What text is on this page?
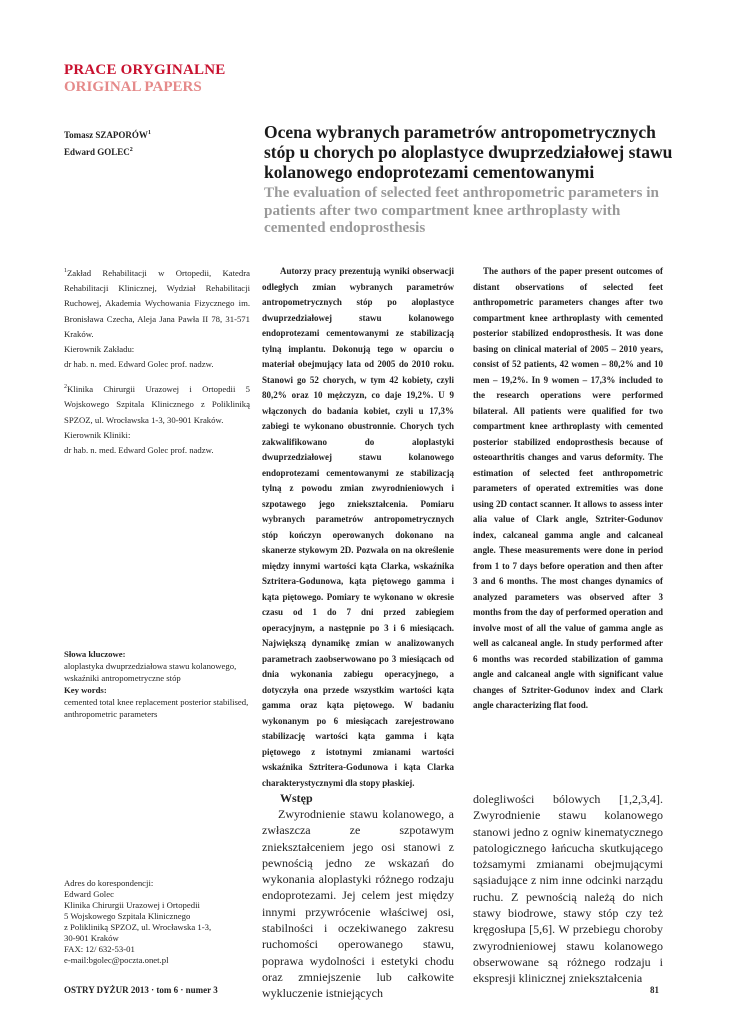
PRACE ORYGINALNE
ORIGINAL PAPERS
Tomasz SZAPORÓW$^1$
Edward GOLEC$^2$
Ocena wybranych parametrów antropometrycznych stóp u chorych po aloplastyce dwuprzedziałowej stawu kolanowego endoprotezami cementowanymi
The evaluation of selected feet anthropometric parameters in patients after two compartment knee arthroplasty with cemented endoprosthesis

$^1$Zakład Rehabilitacji w Ortopedii, Katedra Rehabilitacji Klinicznej, Wydział Rehabilitacji Ruchowej, Akademia Wychowania Fizycznego im. Bronisława Czecha, Aleja Jana Pawła II 78, 31-571 Kraków.
Kierownik Zakładu:
dr hab. n. med. Edward Golec prof. nadzw.

$^2$Klinika Chirurgii Urazowej i Ortopedii 5 Wojskowego Szpitala Klinicznego z Polikliniką SPZOZ, ul. Wrocławska 1-3, 30-901 Kraków.
Kierownik Kliniki:
dr hab. n. med. Edward Golec prof. nadzw.

Słowa kluczowe:
aloplastyka dwuprzedziałowa stawu kolanowego, wskaźniki antropometryczne stóp
Key words:
cemented total knee replacement posterior stabilised, anthropometric parameters
Adres do korespondencji:
Edward Golec
Klinika Chirurgii Urazowej i Ortopedii
5 Wojskowego Szpitala Klinicznego
z Polikliniką SPZOZ, ul. Wrocławska 1-3,
30-901 Kraków
FAX: 12/ 632-53-01
e-mail:bgolec@poczta.onet.pl
Autorzy pracy prezentują wyniki obserwacji odległych zmian wybranych parametrów antropometrycznych stóp po aloplastyce dwuprzedziałowej stawu kolanowego endoprotezami cementowanymi ze stabilizacją tylną implantu. Dokonują tego w oparciu o materiał obejmujący lata od 2005 do 2010 roku. Stanowi go 52 chorych, w tym 42 kobiety, czyli 80,2% oraz 10 mężczyzn, co daje 19,2%. U 9 włączonych do badania kobiet, czyli u 17,3% zabiegi te wykonano obustronnie. Chorych tych zakwalifikowano do aloplastyki dwuprzedziałowej stawu kolanowego endoprotezami cementowanymi ze stabilizacją tylną z powodu zmian zwyrodnieniowych i szpotawego jego zniekształcenia. Pomiaru wybranych parametrów antropometrycznych stóp kończyn operowanych dokonano na skanerze stykowym 2D. Pozwala on na określenie między innymi wartości kąta Clarka, wskaźnika Sztritera-Godunowa, kąta piętowego gamma i kąta piętowego. Pomiary te wykonano w okresie czasu od 1 do 7 dni przed zabiegiem operacyjnym, a następnie po 3 i 6 miesiącach. Największą dynamikę zmian w analizowanych parametrach zaobserwowano po 3 miesiącach od dnia wykonania zabiegu operacyjnego, a dotyczyła ona przede wszystkim wartości kąta gamma oraz kąta piętowego. W badaniu wykonanym po 6 miesiącach zarejestrowano stabilizację wartości kąta gamma i kąta piętowego z istotnymi zmianami wartości wskaźnika Sztritera-Godunowa i kąta Clarka charakterystycznymi dla stopy płaskiej.
The authors of the paper present outcomes of distant observations of selected feet anthropometric parameters changes after two compartment knee arthroplasty with cemented posterior stabilized endoprosthesis. It was done basing on clinical material of 2005 – 2010 years, consist of 52 patients, 42 women – 80,2% and 10 men – 19,2%. In 9 women – 17,3% included to the research operations were performed bilateral. All patients were qualified for two compartment knee arthroplasty with cemented posterior stabilized endoprosthesis because of osteoarthritis changes and varus deformity. The estimation of selected feet anthropometric parameters of operated extremities was done using 2D contact scanner. It allows to assess inter alia value of Clark angle, Sztriter-Godunov index, calcaneal gamma angle and calcaneal angle. These measurements were done in period from 1 to 7 days before operation and then after 3 and 6 months. The most changes dynamics of analyzed parameters was observed after 3 months from the day of performed operation and involve most of all the value of gamma angle as well as calcaneal angle. In study performed after 6 months was recorded stabilization of gamma angle and calcaneal angle with significant value changes of Sztriter-Godunov index and Clark angle characterizing flat food.
Wstęp
Zwyrodnienie stawu kolanowego, a zwłaszcza ze szpotawym zniekształceniem jego osi stanowi z pewnością jedno ze wskazań do wykonania aloplastyki różnego rodzaju endoprotezami. Jej celem jest między innymi przywrócenie właściwej osi, stabilności i oczekiwanego zakresu ruchomości operowanego stawu, poprawa wydolności i estetyki chodu oraz zmniejszenie lub całkowite wykluczenie istniejących
dolegliwości bólowych [1,2,3,4]. Zwyrodnienie stawu kolanowego stanowi jedno z ogniw kinematycznego patologicznego łańcucha skutkującego tożsamymi zmianami obejmującymi sąsiadujące z nim inne odcinki narządu ruchu. Z pewnością należą do nich stawy biodrowe, stawy stóp czy też kręgosłupa [5,6]. W przebiegu choroby zwyrodnieniowej stawu kolanowego obserwowane są różnego rodzaju i ekspresji klinicznej zniekształcenia
OSTRY DYŻUR 2013 · tom 6 · numer 3	81
